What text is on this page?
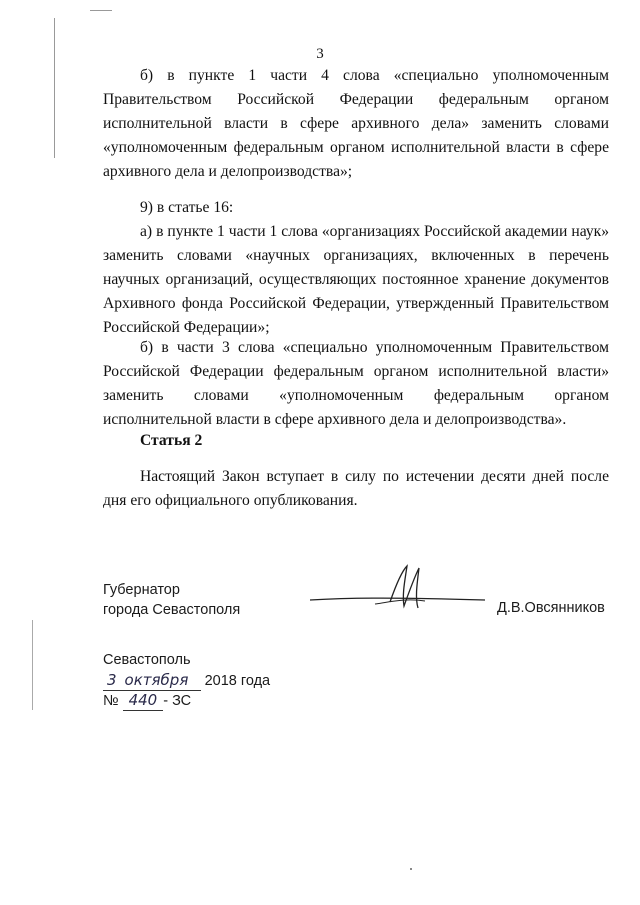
3

б) в пункте 1 части 4 слова «специально уполномоченным Правительством Российской Федерации федеральным органом исполнительной власти в сфере архивного дела» заменить словами «уполномоченным федеральным органом исполнительной власти в сфере архивного дела и делопроизводства»;

9) в статье 16:

а) в пункте 1 части 1 слова «организациях Российской академии наук» заменить словами «научных организациях, включенных в перечень научных организаций, осуществляющих постоянное хранение документов Архивного фонда Российской Федерации, утвержденный Правительством Российской Федерации»;

б) в части 3 слова «специально уполномоченным Правительством Российской Федерации федеральным органом исполнительной власти» заменить словами «уполномоченным федеральным органом исполнительной власти в сфере архивного дела и делопроизводства».

Статья 2

Настоящий Закон вступает в силу по истечении десяти дней после дня его официального опубликования.

Губернатор
города Севастополя	Д.В.Овсянников
Севастополь
3 октября 2018 года
№ 440 - ЗС
